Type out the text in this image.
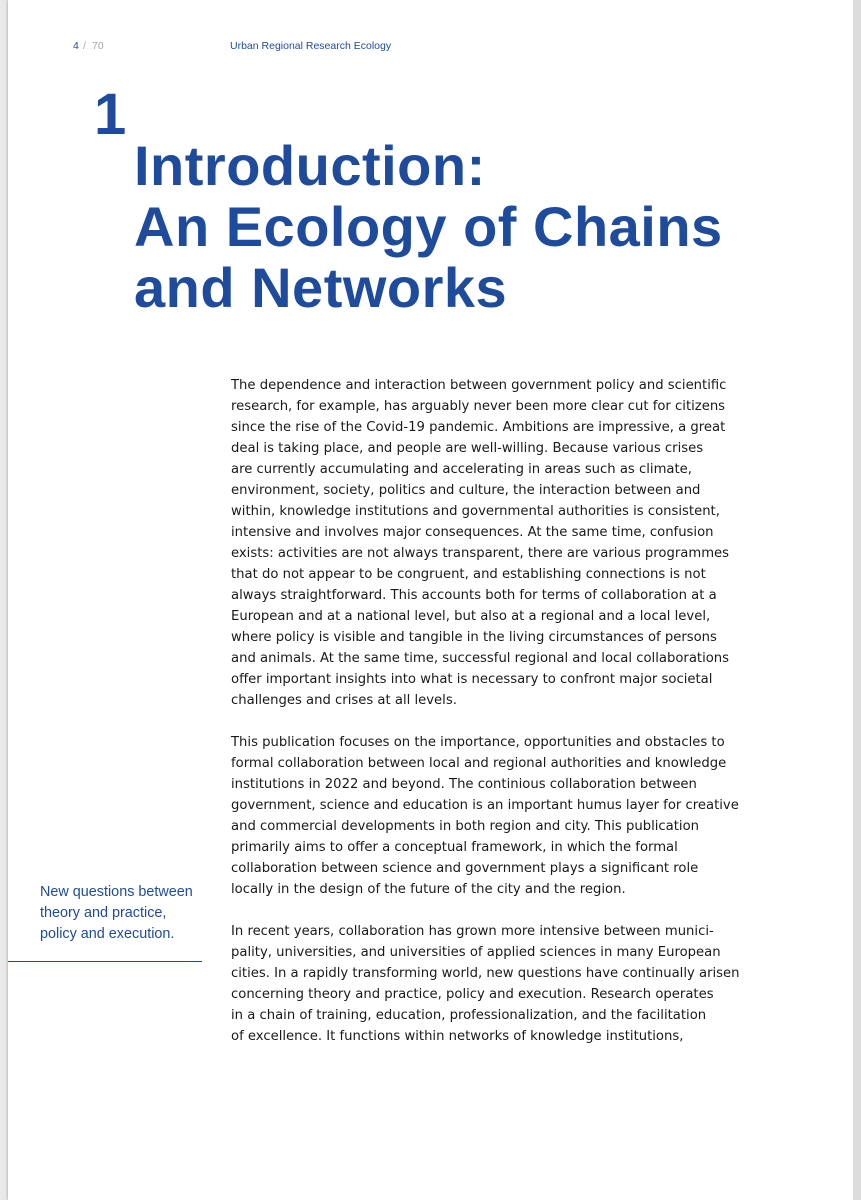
4 / 70	Urban Regional Research Ecology
1
Introduction:
An Ecology of Chains
and Networks
The dependence and interaction between government policy and scientific
research, for example, has arguably never been more clear cut for citizens
since the rise of the Covid-19 pandemic. Ambitions are impressive, a great
deal is taking place, and people are well-willing. Because various crises
are currently accumulating and accelerating in areas such as climate,
environment, society, politics and culture, the interaction between and
within, knowledge institutions and governmental authorities is consistent,
intensive and involves major consequences. At the same time, confusion
exists: activities are not always transparent, there are various programmes
that do not appear to be congruent, and establishing connections is not
always straightforward. This accounts both for terms of collaboration at a
European and at a national level, but also at a regional and a local level,
where policy is visible and tangible in the living circumstances of persons
and animals. At the same time, successful regional and local collaborations
offer important insights into what is necessary to confront major societal
challenges and crises at all levels.
This publication focuses on the importance, opportunities and obstacles to
formal collaboration between local and regional authorities and knowledge
institutions in 2022 and beyond. The continious collaboration between
government, science and education is an important humus layer for creative
and commercial developments in both region and city. This publication
primarily aims to offer a conceptual framework, in which the formal
collaboration between science and government plays a significant role
locally in the design of the future of the city and the region.
In recent years, collaboration has grown more intensive between munici-
pality, universities, and universities of applied sciences in many European
cities. In a rapidly transforming world, new questions have continually arisen
concerning theory and practice, policy and execution. Research operates
in a chain of training, education, professionalization, and the facilitation
of excellence. It functions within networks of knowledge institutions,
New questions between
theory and practice,
policy and execution.
